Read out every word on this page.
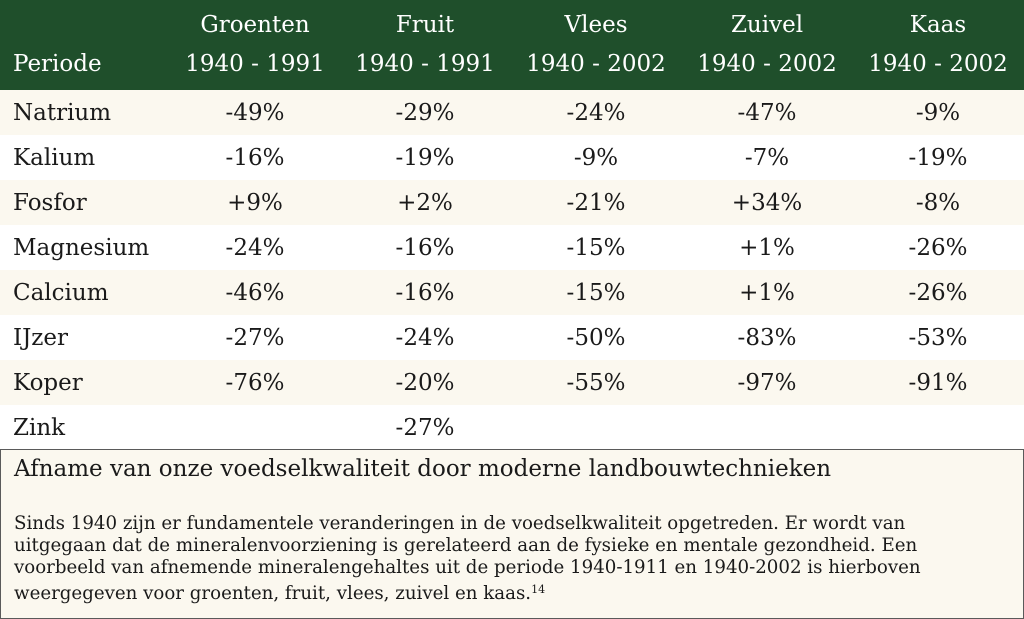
	Groenten	Fruit	Vlees	Zuivel	Kaas
Periode	1940 - 1991	1940 - 1991	1940 - 2002	1940 - 2002	1940 - 2002
Natrium	-49%	-29%	-24%	-47%	-9%
Kalium	-16%	-19%	-9%	-7%	-19%
Fosfor	+9%	+2%	-21%	+34%	-8%
Magnesium	-24%	-16%	-15%	+1%	-26%
Calcium	-46%	-16%	-15%	+1%	-26%
IJzer	-27%	-24%	-50%	-83%	-53%
Koper	-76%	-20%	-55%	-97%	-91%
Zink		-27%			
Afname van onze voedselkwaliteit door moderne landbouwtechnieken
Sinds 1940 zijn er fundamentele veranderingen in de voedselkwaliteit opgetreden. Er wordt van
uitgegaan dat de mineralenvoorziening is gerelateerd aan de fysieke en mentale gezondheid. Een
voorbeeld van afnemende mineralengehaltes uit de periode 1940-1911 en 1940-2002 is hierboven
weergegeven voor groenten, fruit, vlees, zuivel en kaas.$^{14}$
